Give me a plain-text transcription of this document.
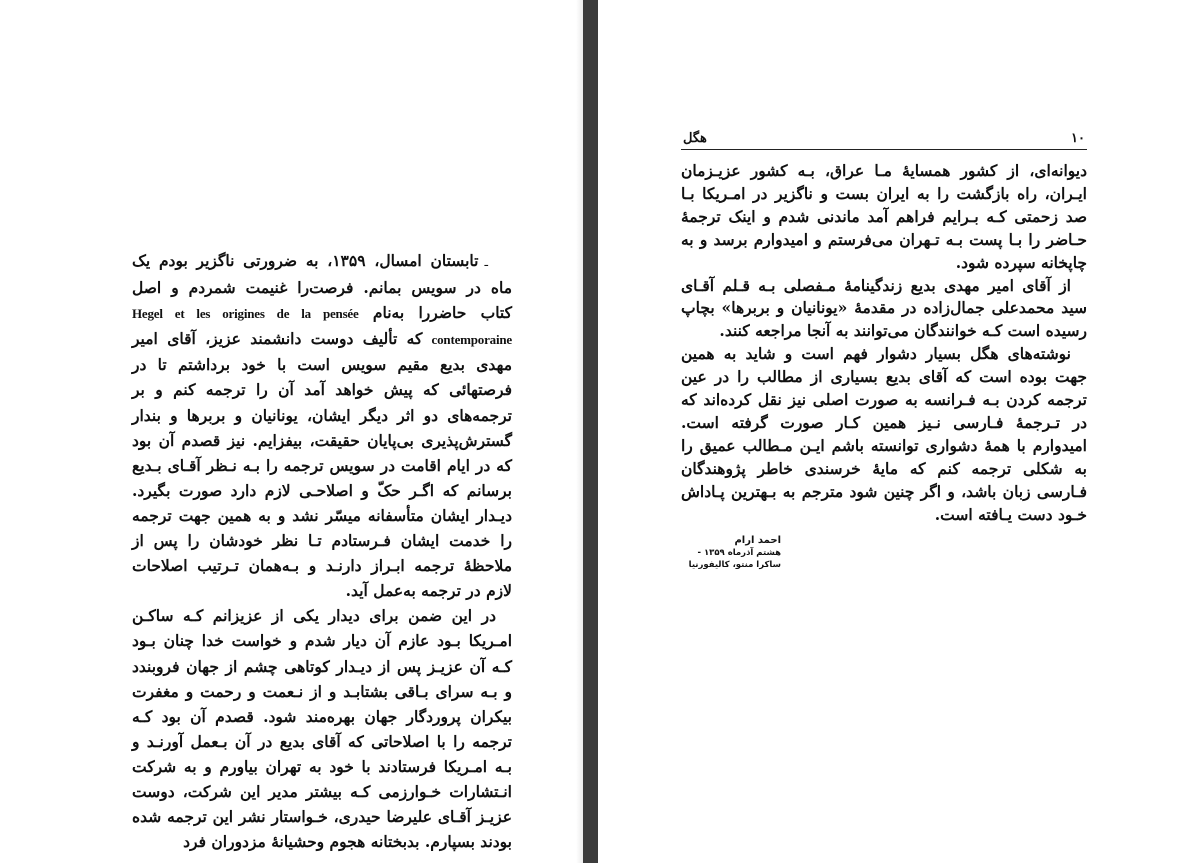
ـتابستان امسال، ۱۳۵۹، به ضرورتی ناگزیر بودم یک ماه در سویس بمانم. فرصت‌را غنیمت شمردم و اصل کتاب حاضر‌را به‌نام Hegel et les origines de la pensée contemporaine که تألیف دوست دانشمند عزیز، آقای امیر مهدی بدیع مقیم سویس است با خود برداشتم تا در فرصتهائی که پیش خواهد آمد آن را ترجمه کنم و بر ترجمه‌های دو اثر دیگر ایشان، یونانیان و بربرها و بندار گسترش‌پذیری بی‌پایان حقیقت، بیفزایم. نیز قصدم آن بود که در ایام اقامت در سویس ترجمه را بـه نـظر آقـای بـدیع برسانم که اگـر حکّ و اصلاحـی لازم دارد صورت بگیرد. دیـدار ایشان متأسفانه میسّر نشد و به همین جهت ترجمه را خدمت ایشان فـرستادم تـا نظر خودشان را پس از ملاحظهٔ ترجمه ابـراز دارنـد و بـه‌همان تـرتیب اصلاحات لازم در ترجمه به‌عمل آید.

در این ضمن برای دیدار یکی از عزیزانم کـه ساکـن امـریکا بـود عازم آن دیار شدم و خواست خدا چنان بـود کـه آن عزیـز پس از دیـدار کوتاهی چشم از جهان فروبندد و بـه سرای بـاقی بشتابـد و از نـعمت و رحمت و مغفرت بیکران پروردگار جهان بهره‌مند شود. قصدم آن بود کـه ترجمه را با اصلاحاتی که آقای بدیع در آن بـعمل آورنـد و بـه امـریکا فرستادند با خود به تهران بیاورم و به شرکت انـتشارات خـوارزمی کـه بیشتر مدیر این شرکت، دوست عزیـز آقـای علیرضا حیدری، خـواستار نشر این ترجمه شده بودند بسپارم. بدبختانه هجوم وحشیانهٔ مزدوران فرد

۱۰
هگل

دیوانه‌ای، از کشور همسایهٔ مـا عراق، بـه کشور عزیـزمان ایـران، راه بازگشت را به ایران بست و ناگزیر در امـریکا بـا صد زحمتی کـه بـرایم فراهم آمد ماندنی شدم و اینک ترجمهٔ حـاضر را بـا پست بـه تـهران می‌فرستم و امیدوارم برسد و به چاپخانه سپرده شود.

از آقای امیر مهدی بدیع زندگینامهٔ مـفصلی بـه قـلم آقـای سید محمدعلی جمال‌زاده در مقدمهٔ «یونانیان و بربرها» بچاپ رسیده است کـه خوانندگان می‌توانند به آنجا مراجعه کنند.

نوشته‌های هگل بسیار دشوار فهم است و شاید به همین جهت بوده است که آقای بدیع بسیاری از مطالب را در عین ترجمه کردن بـه فـرانسه به صورت اصلی نیز نقل کرده‌اند که در تـرجمهٔ فـارسی نـیز همین کـار صورت گرفته است. امیدوارم با همهٔ دشواری توانسته باشم ایـن مـطالب عمیق را به شکلی ترجمه کنم که مایهٔ خرسندی خاطر پژوهندگان فـارسی زبان باشد، و اگر چنین شود مترجم به بـهترین پـاداش خـود دست یـافته است.

احمد ارام
هشتم آذرماه ۱۳۵۹ -
ساکرا منتو، کالیفورنیا
